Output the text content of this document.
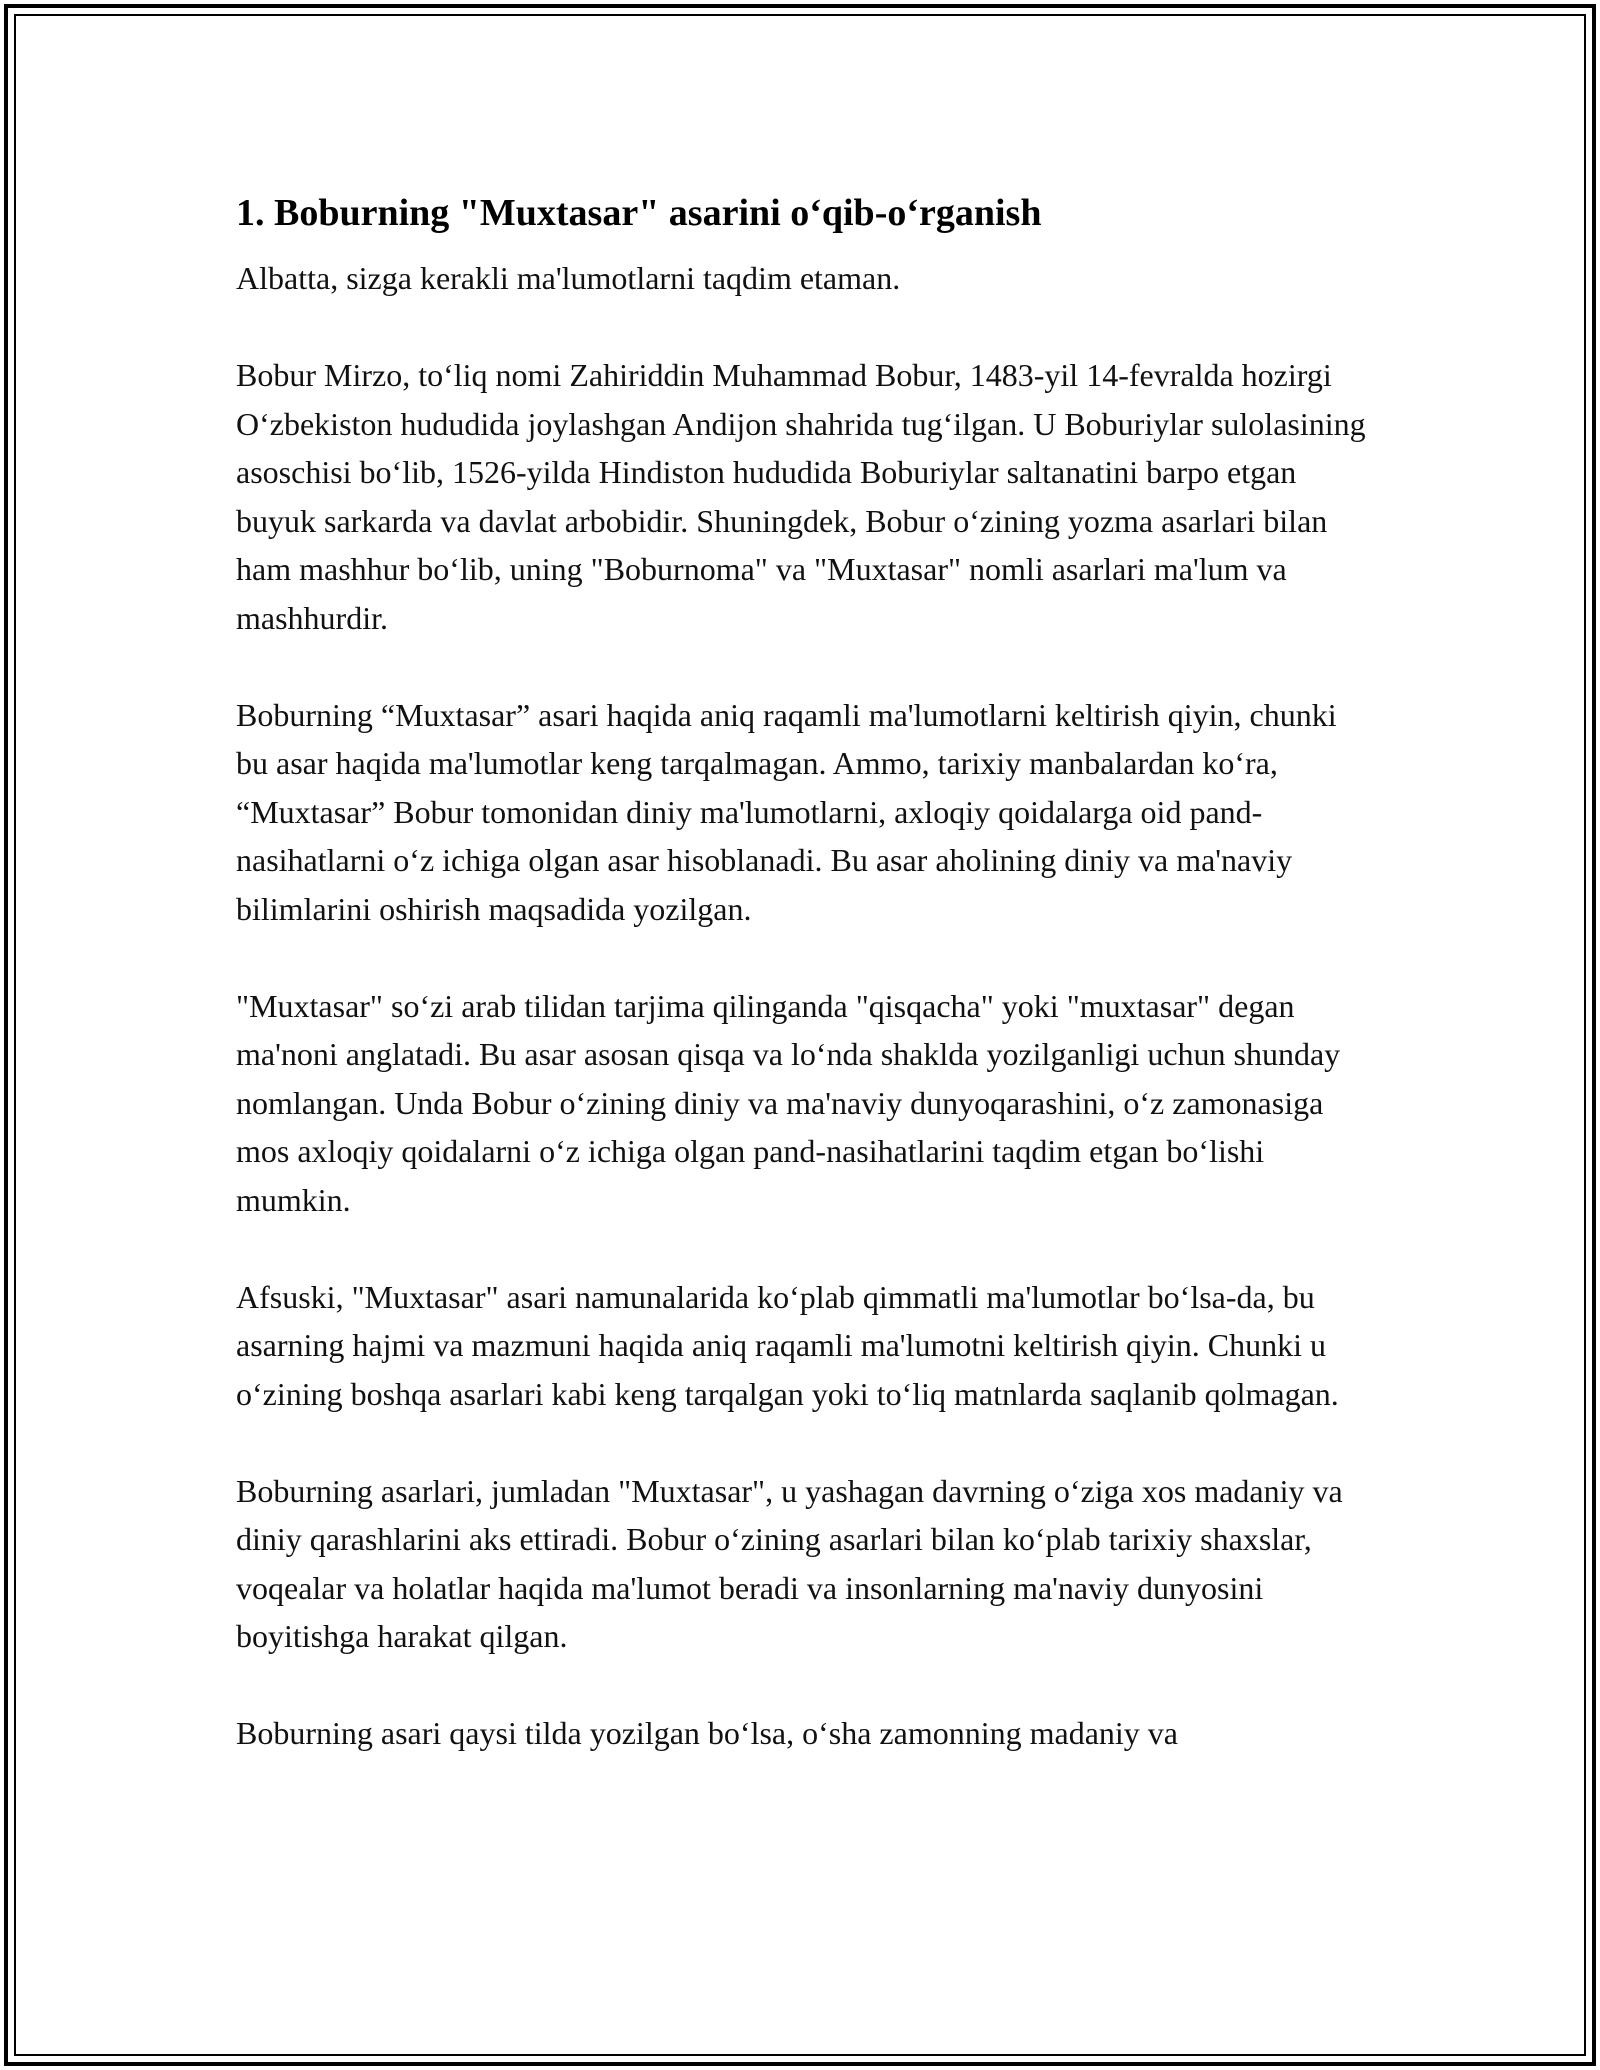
1. Boburning "Muxtasar" asarini o‘qib-o‘rganish

Albatta, sizga kerakli ma'lumotlarni taqdim etaman.

Bobur Mirzo, to‘liq nomi Zahiriddin Muhammad Bobur, 1483-yil 14-fevralda hozirgi O‘zbekiston hududida joylashgan Andijon shahrida tug‘ilgan. U Boburiylar sulolasining asoschisi bo‘lib, 1526-yilda Hindiston hududida Boburiylar saltanatini barpo etgan buyuk sarkarda va davlat arbobidir. Shuningdek, Bobur o‘zining yozma asarlari bilan ham mashhur bo‘lib, uning "Boburnoma" va "Muxtasar" nomli asarlari ma'lum va mashhurdir.

Boburning “Muxtasar” asari haqida aniq raqamli ma'lumotlarni keltirish qiyin, chunki bu asar haqida ma'lumotlar keng tarqalmagan. Ammo, tarixiy manbalardan ko‘ra, “Muxtasar” Bobur tomonidan diniy ma'lumotlarni, axloqiy qoidalarga oid pand-nasihatlarni o‘z ichiga olgan asar hisoblanadi. Bu asar aholining diniy va ma'naviy bilimlarini oshirish maqsadida yozilgan.

"Muxtasar" so‘zi arab tilidan tarjima qilinganda "qisqacha" yoki "muxtasar" degan ma'noni anglatadi. Bu asar asosan qisqa va lo‘nda shaklda yozilganligi uchun shunday nomlangan. Unda Bobur o‘zining diniy va ma'naviy dunyoqarashini, o‘z zamonasiga mos axloqiy qoidalarni o‘z ichiga olgan pand-nasihatlarini taqdim etgan bo‘lishi mumkin.

Afsuski, "Muxtasar" asari namunalarida ko‘plab qimmatli ma'lumotlar bo‘lsa-da, bu asarning hajmi va mazmuni haqida aniq raqamli ma'lumotni keltirish qiyin. Chunki u o‘zining boshqa asarlari kabi keng tarqalgan yoki to‘liq matnlarda saqlanib qolmagan.

Boburning asarlari, jumladan "Muxtasar", u yashagan davrning o‘ziga xos madaniy va diniy qarashlarini aks ettiradi. Bobur o‘zining asarlari bilan ko‘plab tarixiy shaxslar, voqealar va holatlar haqida ma'lumot beradi va insonlarning ma'naviy dunyosini boyitishga harakat qilgan.

Boburning asari qaysi tilda yozilgan bo‘lsa, o‘sha zamonning madaniy va
